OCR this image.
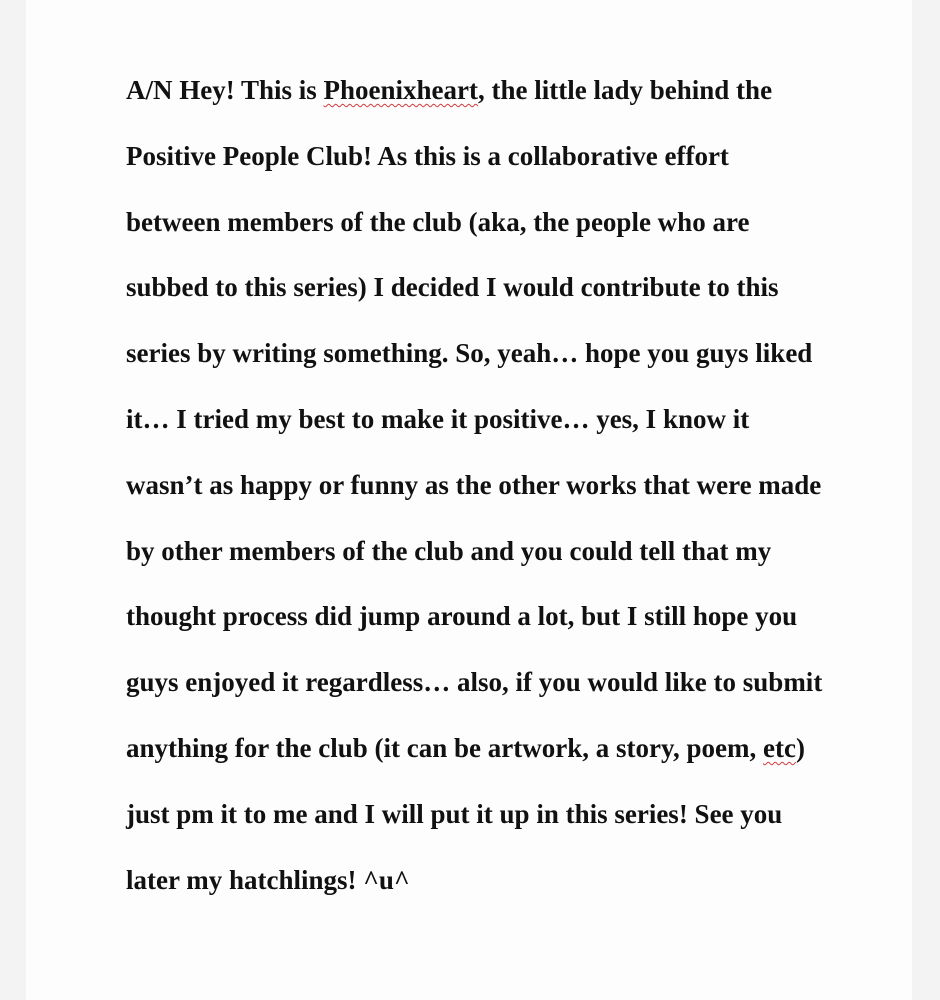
A/N Hey! This is Phoenixheart, the little lady behind the
Positive People Club! As this is a collaborative effort
between members of the club (aka, the people who are
subbed to this series) I decided I would contribute to this
series by writing something. So, yeah… hope you guys liked
it… I tried my best to make it positive… yes, I know it
wasn’t as happy or funny as the other works that were made
by other members of the club and you could tell that my
thought process did jump around a lot, but I still hope you
guys enjoyed it regardless… also, if you would like to submit
anything for the club (it can be artwork, a story, poem, etc)
just pm it to me and I will put it up in this series! See you
later my hatchlings! ^u^
